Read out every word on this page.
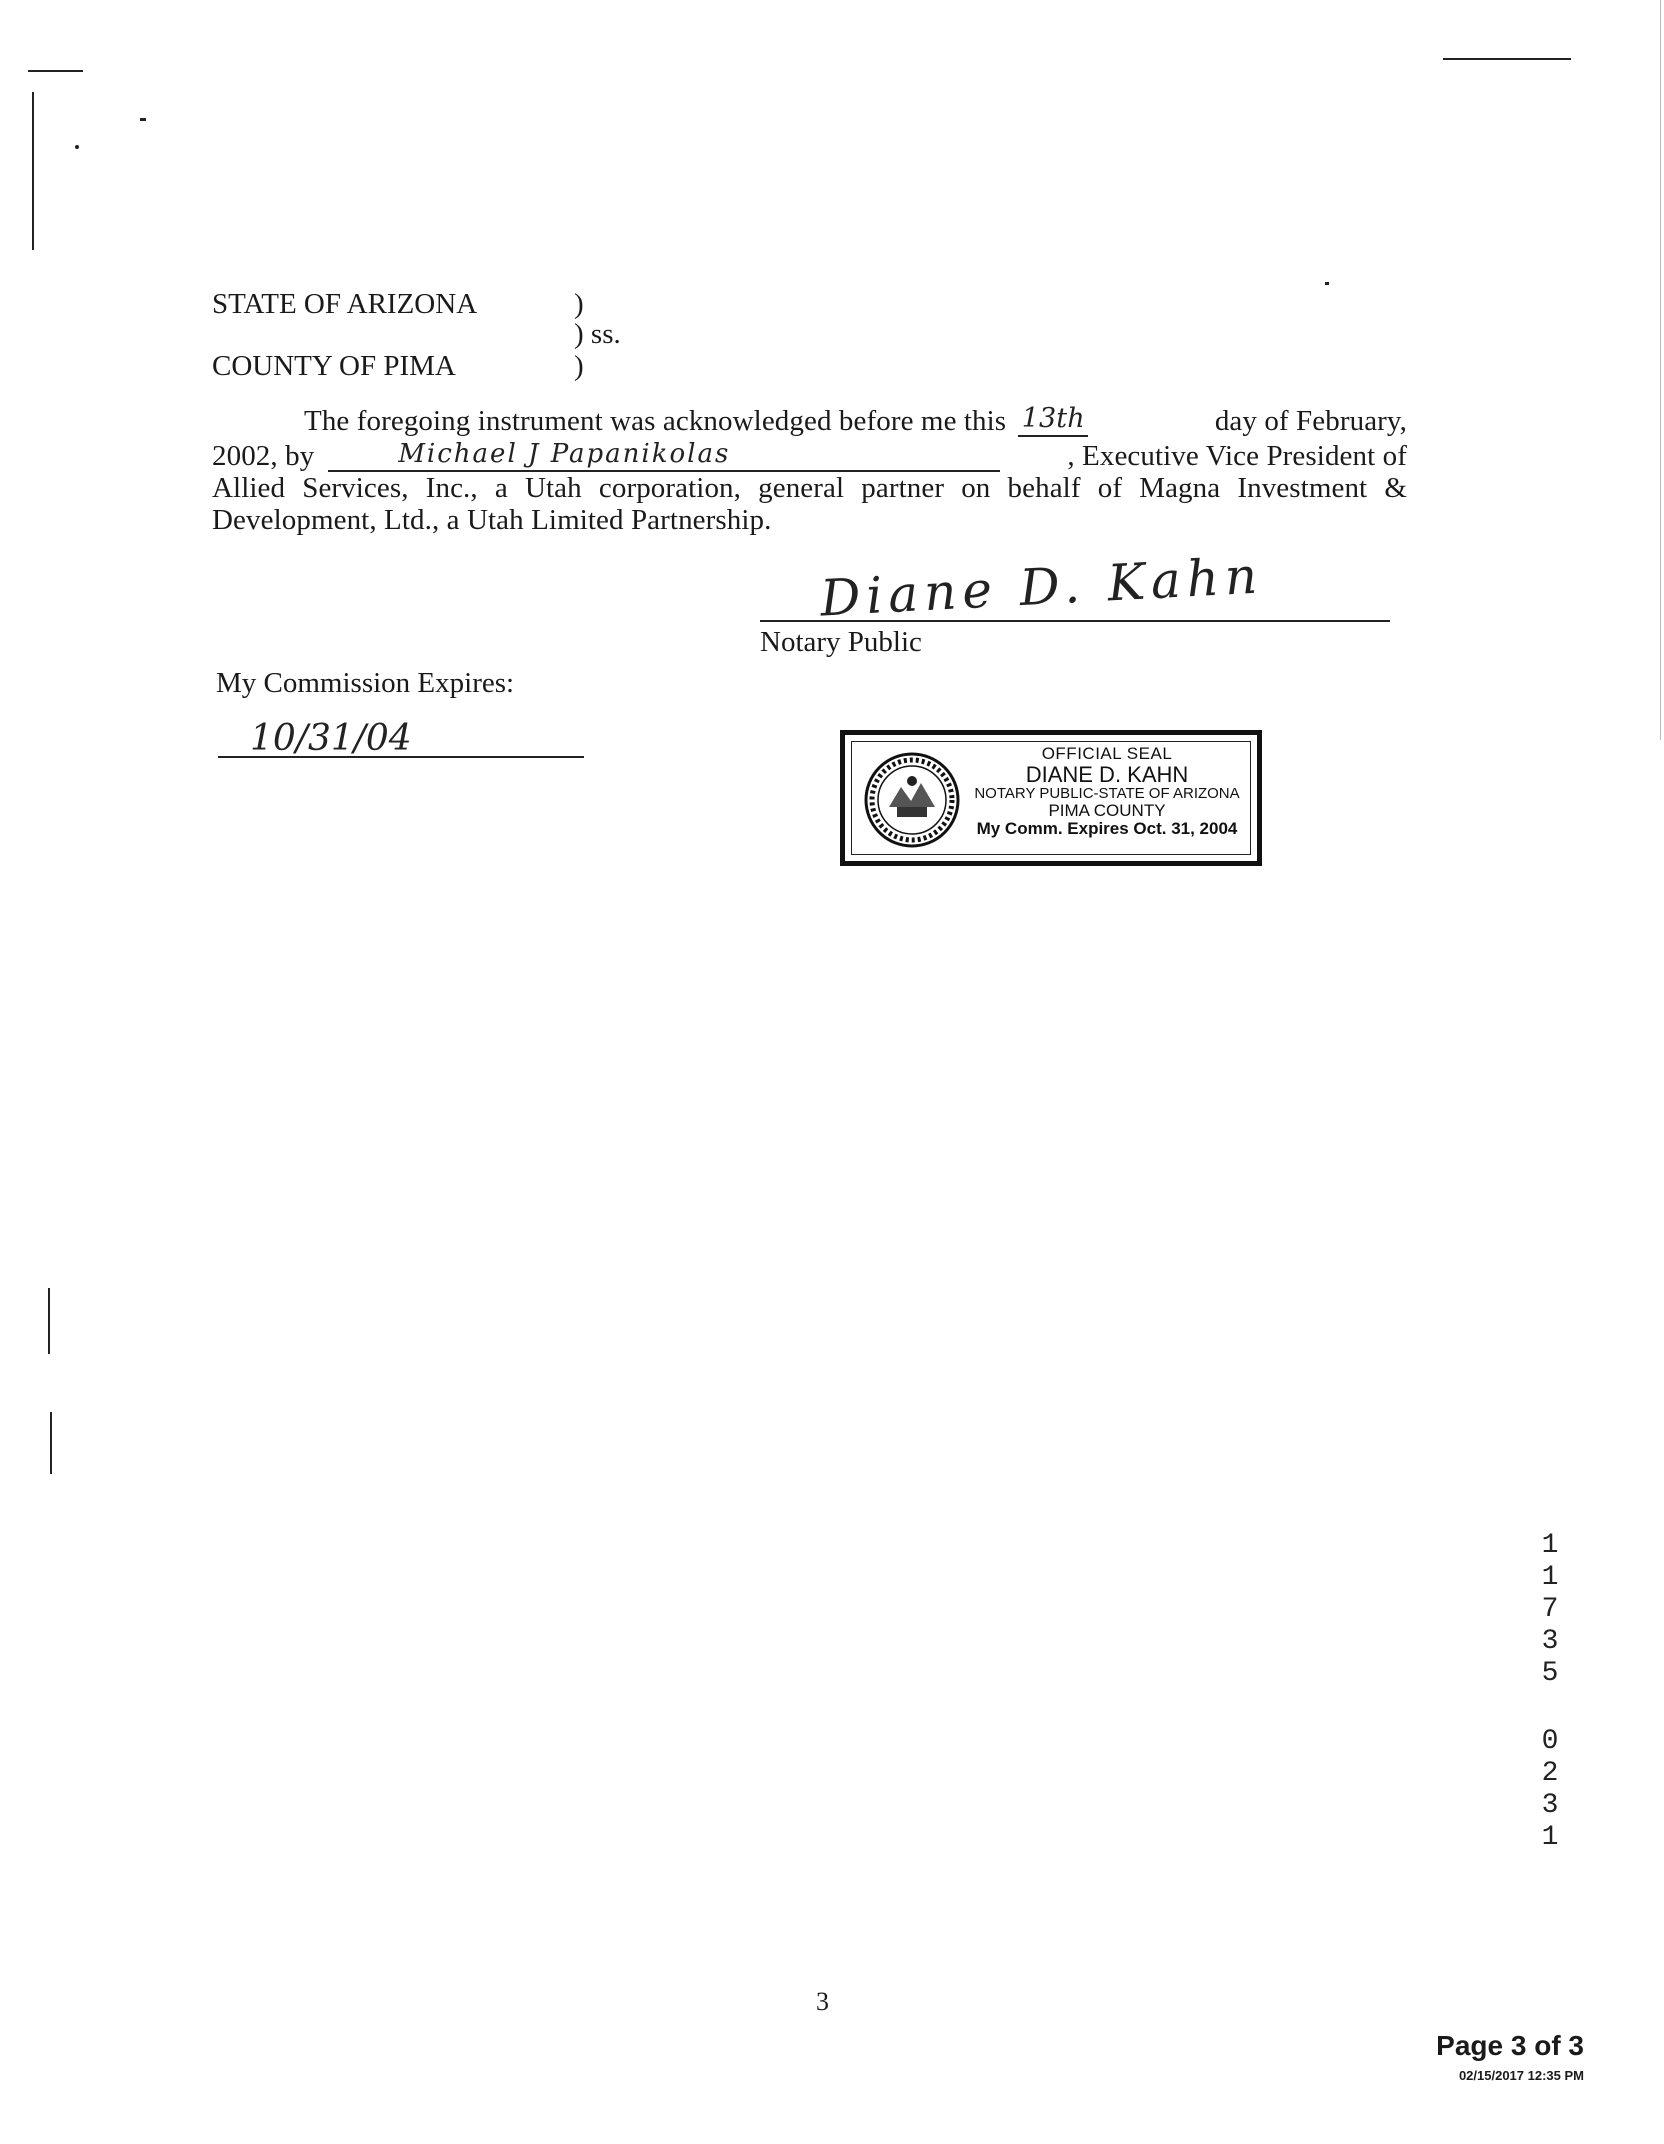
STATE OF ARIZONA	)
) ss.
COUNTY OF PIMA	)
The foregoing instrument was acknowledged before me this 13th	day of February,
2002, by	Michael J Papanikolas	, Executive Vice President of
Allied Services, Inc., a Utah corporation, general partner on behalf of Magna Investment &
Development, Ltd., a Utah Limited Partnership.
Diane D. Kahn
Notary Public
My Commission Expires:
10/31/04	OFFICIAL SEAL
DIANE D. KAHN
NOTARY PUBLIC-STATE OF ARIZONA
PIMA COUNTY
My Comm. Expires Oct. 31, 2004
1
1
7
3
5
0
2
3
1
3
Page 3 of 3
02/15/2017 12:35 PM
